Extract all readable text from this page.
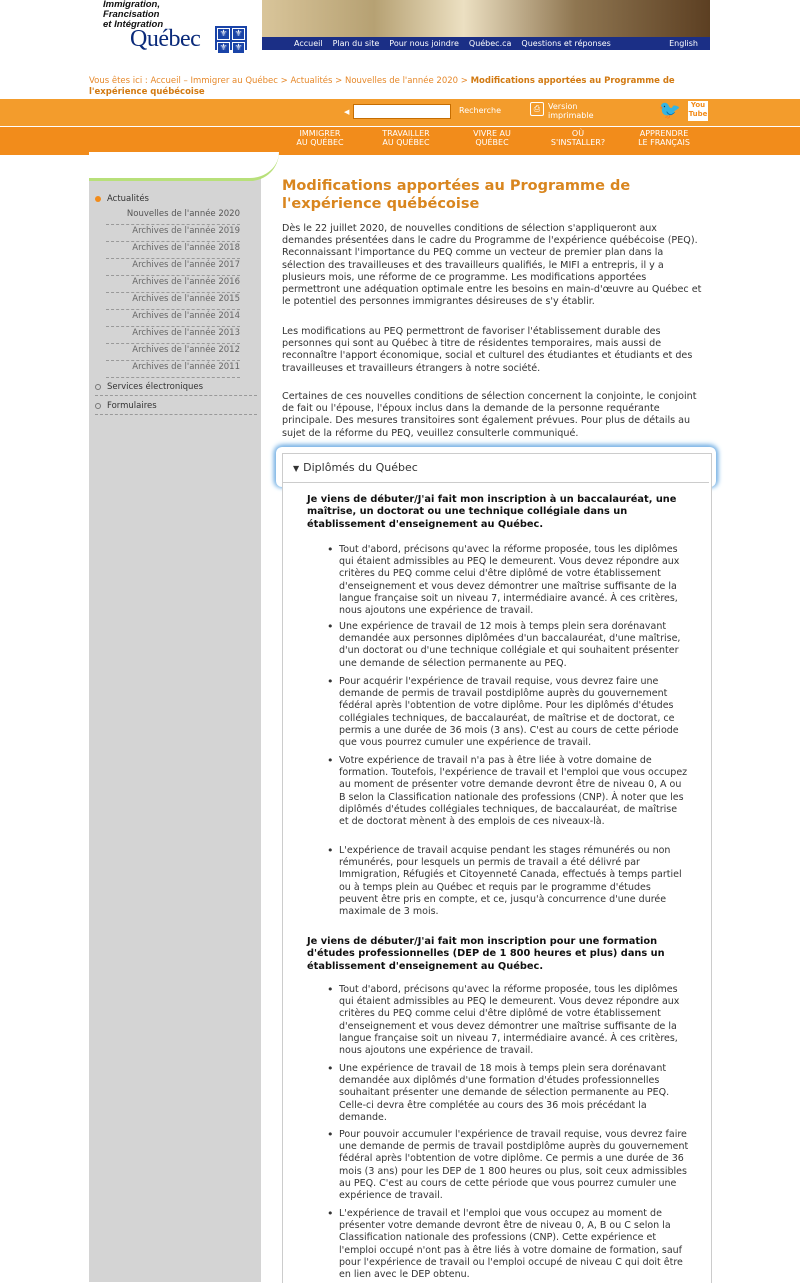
Immigration,
Francisation
et Intégration
Québec ⚜ ⚜
⚜ ⚜	Accueil Plan du site Pour nous joindre Québec.ca Questions et réponses	English
Vous êtes ici : Accueil – Immigrer au Québec > Actualités > Nouvelles de l'année 2020 > Modifications apportées au Programme de l'expérience québécoise
◀	Recherche	⎙ Version
imprimable	🐦	You Tube
IMMIGRER
AU QUÉBEC
TRAVAILLER
AU QUÉBEC
VIVRE AU
QUÉBEC
OÙ
S'INSTALLER?
APPRENDRE
LE FRANÇAIS
Actualités
Nouvelles de l'année 2020
Archives de l'année 2019
Archives de l'année 2018
Archives de l'année 2017
Archives de l'année 2016
Archives de l'année 2015
Archives de l'année 2014
Archives de l'année 2013
Archives de l'année 2012
Archives de l'année 2011
Services électroniques
Formulaires
Modifications apportées au Programme de l'expérience québécoise
Dès le 22 juillet 2020, de nouvelles conditions de sélection s'appliqueront aux demandes présentées dans le cadre du Programme de l'expérience québécoise (PEQ). Reconnaissant l'importance du PEQ comme un vecteur de premier plan dans la sélection des travailleuses et des travailleurs qualifiés, le MIFI a entrepris, il y a plusieurs mois, une réforme de ce programme. Les modifications apportées permettront une adéquation optimale entre les besoins en main-d'œuvre au Québec et le potentiel des personnes immigrantes désireuses de s'y établir.
Les modifications au PEQ permettront de favoriser l'établissement durable des personnes qui sont au Québec à titre de résidentes temporaires, mais aussi de reconnaître l'apport économique, social et culturel des étudiantes et étudiants et des travailleuses et travailleurs étrangers à notre société.
Certaines de ces nouvelles conditions de sélection concernent la conjointe, le conjoint de fait ou l'épouse, l'époux inclus dans la demande de la personne requérante principale. Des mesures transitoires sont également prévues. Pour plus de détails au sujet de la réforme du PEQ, veuillez consulterle communiqué.
▼ Diplômés du Québec
Je viens de débuter/J'ai fait mon inscription à un baccalauréat, une maîtrise, un doctorat ou une technique collégiale dans un établissement d'enseignement au Québec.
• Tout d'abord, précisons qu'avec la réforme proposée, tous les diplômes qui étaient admissibles au PEQ le demeurent. Vous devez répondre aux critères du PEQ comme celui d'être diplômé de votre établissement d'enseignement et vous devez démontrer une maîtrise suffisante de la langue française soit un niveau 7, intermédiaire avancé. À ces critères, nous ajoutons une expérience de travail.
• Une expérience de travail de 12 mois à temps plein sera dorénavant demandée aux personnes diplômées d'un baccalauréat, d'une maîtrise, d'un doctorat ou d'une technique collégiale et qui souhaitent présenter une demande de sélection permanente au PEQ.
• Pour acquérir l'expérience de travail requise, vous devrez faire une demande de permis de travail postdiplôme auprès du gouvernement fédéral après l'obtention de votre diplôme. Pour les diplômés d'études collégiales techniques, de baccalauréat, de maîtrise et de doctorat, ce permis a une durée de 36 mois (3 ans). C'est au cours de cette période que vous pourrez cumuler une expérience de travail.
• Votre expérience de travail n'a pas à être liée à votre domaine de formation. Toutefois, l'expérience de travail et l'emploi que vous occupez au moment de présenter votre demande devront être de niveau 0, A ou B selon la Classification nationale des professions (CNP). À noter que les diplômés d'études collégiales techniques, de baccalauréat, de maîtrise et de doctorat mènent à des emplois de ces niveaux-là.
• L'expérience de travail acquise pendant les stages rémunérés ou non rémunérés, pour lesquels un permis de travail a été délivré par Immigration, Réfugiés et Citoyenneté Canada, effectués à temps partiel ou à temps plein au Québec et requis par le programme d'études peuvent être pris en compte, et ce, jusqu'à concurrence d'une durée maximale de 3 mois.
Je viens de débuter/J'ai fait mon inscription pour une formation d'études professionnelles (DEP de 1 800 heures et plus) dans un établissement d'enseignement au Québec.
• Tout d'abord, précisons qu'avec la réforme proposée, tous les diplômes qui étaient admissibles au PEQ le demeurent. Vous devez répondre aux critères du PEQ comme celui d'être diplômé de votre établissement d'enseignement et vous devez démontrer une maîtrise suffisante de la langue française soit un niveau 7, intermédiaire avancé. À ces critères, nous ajoutons une expérience de travail.
• Une expérience de travail de 18 mois à temps plein sera dorénavant demandée aux diplômés d'une formation d'études professionnelles souhaitant présenter une demande de sélection permanente au PEQ. Celle-ci devra être complétée au cours des 36 mois précédant la demande.
• Pour pouvoir accumuler l'expérience de travail requise, vous devrez faire une demande de permis de travail postdiplôme auprès du gouvernement fédéral après l'obtention de votre diplôme. Ce permis a une durée de 36 mois (3 ans) pour les DEP de 1 800 heures ou plus, soit ceux admissibles au PEQ. C'est au cours de cette période que vous pourrez cumuler une expérience de travail.
• L'expérience de travail et l'emploi que vous occupez au moment de présenter votre demande devront être de niveau 0, A, B ou C selon la Classification nationale des professions (CNP). Cette expérience et l'emploi occupé n'ont pas à être liés à votre domaine de formation, sauf pour l'expérience de travail ou l'emploi occupé de niveau C qui doit être en lien avec le DEP obtenu.
